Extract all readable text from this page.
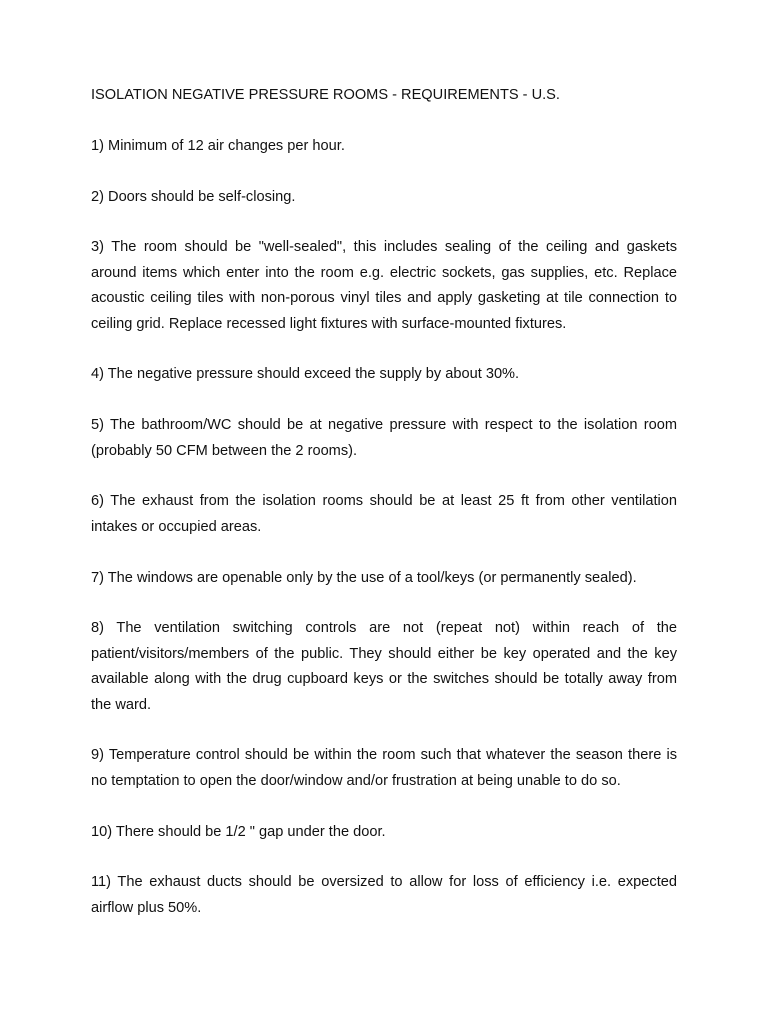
ISOLATION NEGATIVE PRESSURE ROOMS - REQUIREMENTS - U.S.

1) Minimum of 12 air changes per hour.

2) Doors should be self-closing.

3) The room should be "well-sealed", this includes sealing of the ceiling and gaskets around items which enter into the room e.g. electric sockets, gas supplies, etc. Replace acoustic ceiling tiles with non-porous vinyl tiles and apply gasketing at tile connection to ceiling grid. Replace recessed light fixtures with surface-mounted fixtures.

4) The negative pressure should exceed the supply by about 30%.

5) The bathroom/WC should be at negative pressure with respect to the isolation room (probably 50 CFM between the 2 rooms).

6) The exhaust from the isolation rooms should be at least 25 ft from other ventilation intakes or occupied areas.

7) The windows are openable only by the use of a tool/keys (or permanently sealed).

8) The ventilation switching controls are not (repeat not) within reach of the patient/visitors/members of the public. They should either be key operated and the key available along with the drug cupboard keys or the switches should be totally away from the ward.

9) Temperature control should be within the room such that whatever the season there is no temptation to open the door/window and/or frustration at being unable to do so.

10) There should be 1/2 " gap under the door.

11) The exhaust ducts should be oversized to allow for loss of efficiency i.e. expected airflow plus 50%.
